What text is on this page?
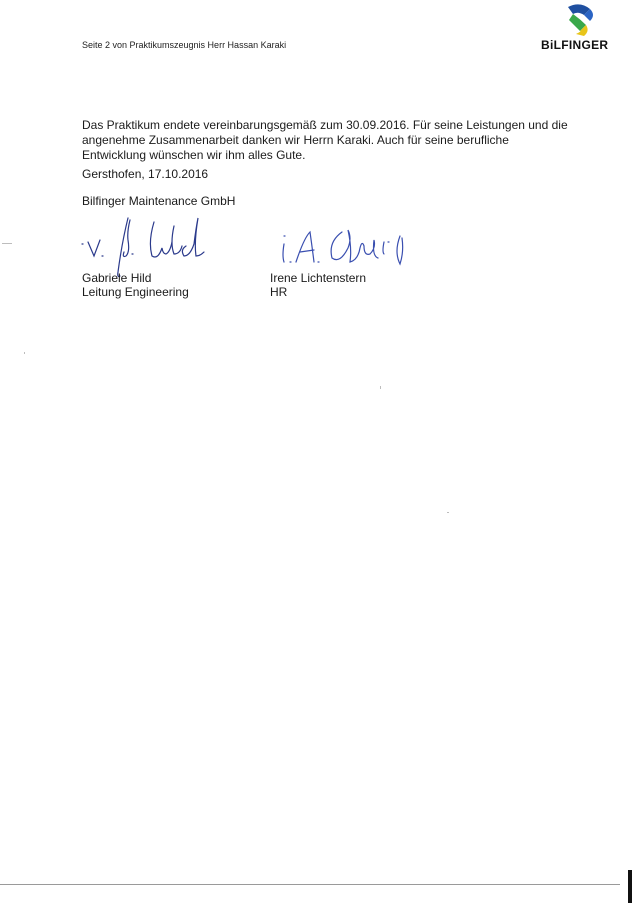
Seite 2 von Praktikumszeugnis Herr Hassan Karaki	BiLFINGER
Das Praktikum endete vereinbarungsgemäß zum 30.09.2016. Für seine Leistungen und die angenehme Zusammenarbeit danken wir Herrn Karaki. Auch für seine berufliche Entwicklung wünschen wir ihm alles Gute.
Gersthofen, 17.10.2016
Bilfinger Maintenance GmbH
Gabriele Hild
Leitung Engineering
Irene Lichtenstern
HR
